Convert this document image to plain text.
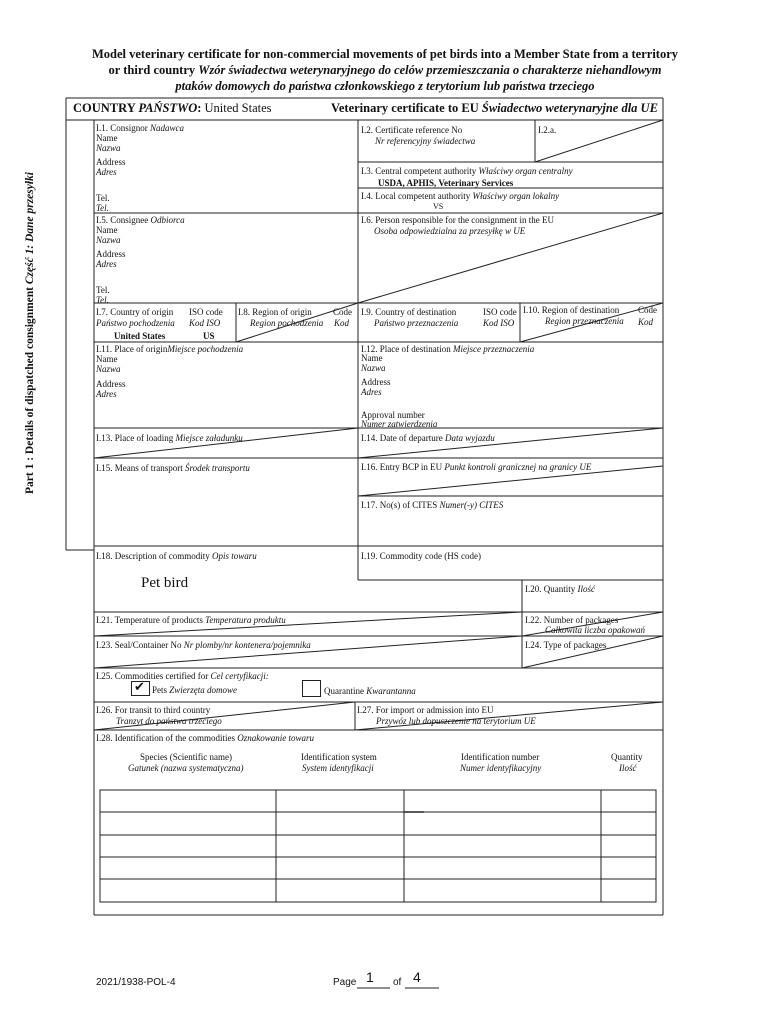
Model veterinary certificate for non-commercial movements of pet birds into a Member State from a territory
or third country Wzór świadectwa weterynaryjnego do celów przemieszczania o charakterze niehandlowym
ptaków domowych do państwa członkowskiego z terytorium lub państwa trzeciego
COUNTRY PAŃSTWO: United States	Veterinary certificate to EU Świadectwo weterynaryjne dla UE
Part 1 : Details of dispatched consignment Część 1: Dane przesyłki
I.1. Consignor Nadawca
Name
Nazwa
Address
Adres
Tel.
Tel.
I.2. Certificate reference No
Nr referencyjny świadectwa
I.2.a.
I.3. Central competent authority Właściwy organ centralny
USDA, APHIS, Veterinary Services
I.4. Local competent authority Właściwy organ lokalny
VS
I.5. Consignee Odbiorca
Name
Nazwa
Address
Adres
Tel.
Tel.
I.6. Person responsible for the consignment in the EU
Osoba odpowiedzialna za przesyłkę w UE
I.7. Country of origin ISO code
Państwo pochodzenia Kod ISO
United States	US
I.8. Region of origin Code
Region pochodzenia Kod
I.9. Country of destination	ISO code
Państwo przeznaczenia	Kod ISO
I.10. Region of destination Code
Region przeznaczenia Kod
I.11. Place of originMiejsce pochodzenia
Name
Nazwa
Address
Adres
I.12. Place of destination Miejsce przeznaczenia
Name
Nazwa
Address
Adres
Approval number
Numer zatwierdzenia
I.13. Place of loading Miejsce załadunku	I.14. Date of departure Data wyjazdu
I.15. Means of transport Środek transportu	I.16. Entry BCP in EU Punkt kontroli granicznej na granicy UE
I.17. No(s) of CITES Numer(-y) CITES
I.18. Description of commodity Opis towaru
Pet bird
I.19. Commodity code (HS code)
I.20. Quantity Ilość
I.21. Temperature of products Temperatura produktu	I.22. Number of packages
Całkowita liczba opakowań
I.23. Seal/Container No Nr plomby/nr kontenera/pojemnika	I.24. Type of packages
I.25. Commodities certified for Cel certyfikacji:
✔ Pets Zwierzęta domowe	Quarantine Kwarantanna
I.26. For transit to third country
Tranzyt do państwa trzeciego
I.27. For import or admission into EU
Przywóz lub dopuszczenie na terytorium UE
I.28. Identification of the commodities Oznakowanie towaru
Species (Scientific name)
Gatunek (nazwa systematyczna)
Identification system
System identyfikacji
Identification number
Numer identyfikacyjny
Quantity
Ilość
2021/1938-POL-4	Page 1 of 4
